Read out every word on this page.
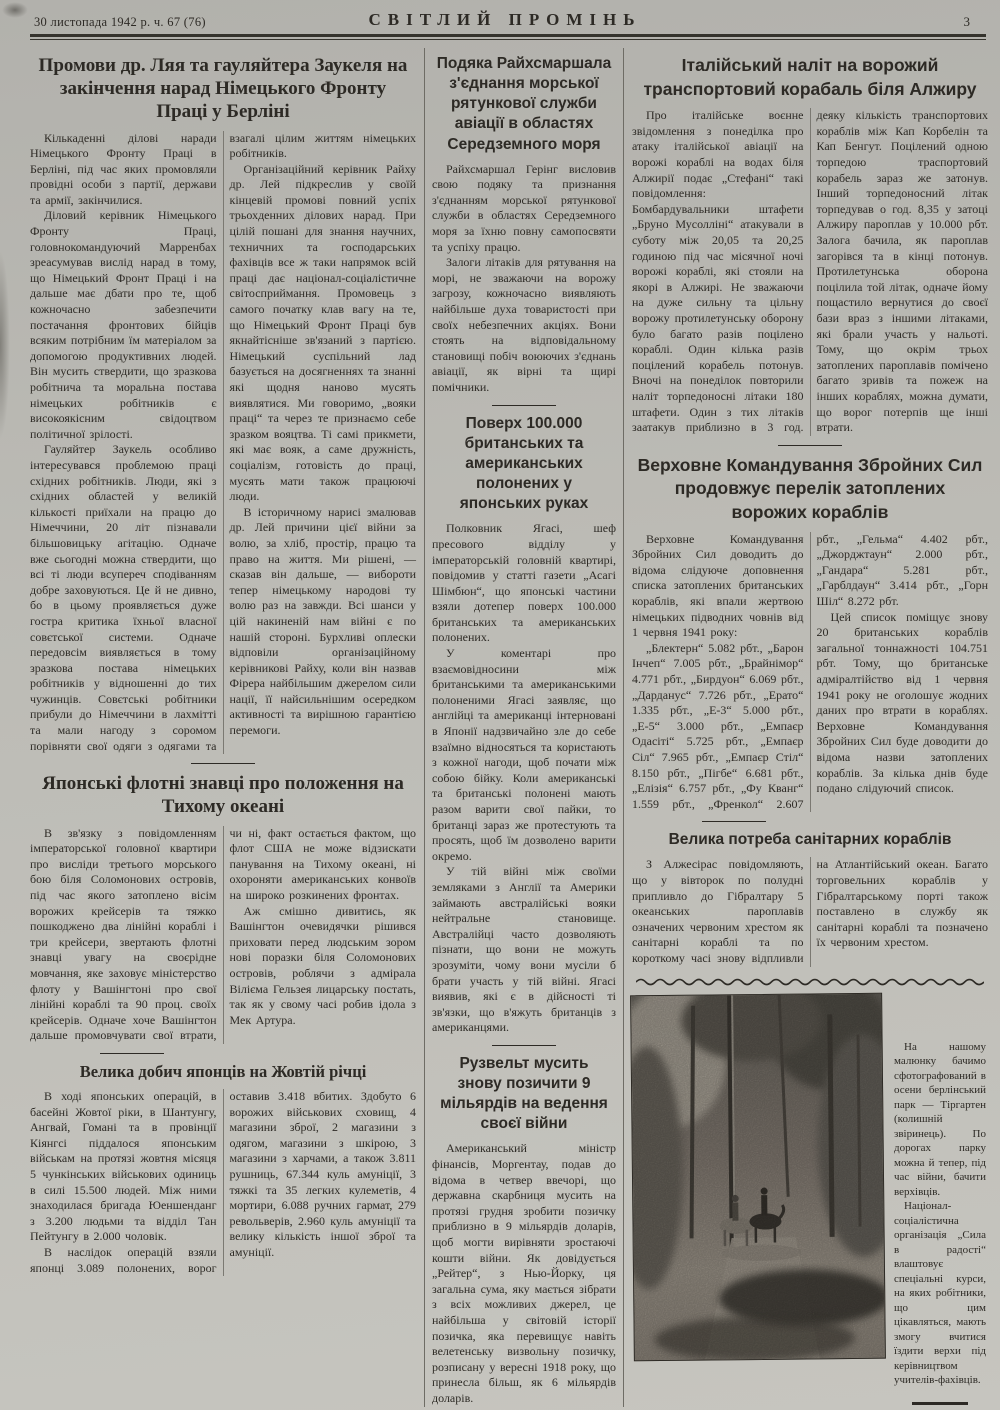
30 листопада 1942 р. ч. 67 (76)	СВІТЛИЙ ПРОМІНЬ	3
Промови др. Ляя та гауляйтера Заукеля на закінчення нарад Німецького Фронту Праці у Берліні

Кількаденні ділові наради Німецького Фронту Праці в Берліні, під час яких промовляли провідні особи з партії, держави та армії, закінчилися.

Діловий керівник Німецького Фронту Праці, головнокомандуючий Марренбах зреасумував вислід нарад в тому, що Німецький Фронт Праці і на дальше має дбати про те, щоб кожночасно забезпечити постачання фронтових бійців всяким потрібним їм матеріалом за допомогою продуктивних людей. Він мусить ствердити, що зразкова робітнича та моральна постава німецьких робітників є високоякісним свідоцтвом політичної зрілості.

Гауляйтер Заукель особливо інтересувався проблемою праці східних робітників. Люди, які з східних областей у великій кількості приїхали на працю до Німеччини, 20 літ пізнавали більшовицьку агітацію. Одначе вже сьогодні можна ствердити, що всі ті люди всупереч сподіванням добре заховуються. Це й не дивно, бо в цьому проявляється дуже гостра критика їхньої власної совєтської системи. Одначе передовсім виявляється в тому зразкова постава німецьких робітників у відношенні до тих чужинців. Совєтські робітники прибули до Німеччини в лахмітті та мали нагоду з соромом порівняти свої одяги з одягами та взагалі цілим життям німецьких робітників.

Організаційний керівник Райху др. Лей підкреслив у своїй кінцевій промові повний успіх трьохденних ділових нарад. При цілій пошані для знання научних, техничних та господарських фахівців все ж таки напрямок всій праці дає націонал-соціалістичне світосприймання. Промовець з самого початку клав вагу на те, що Німецький Фронт Праці був якнайтісніше зв'язаний з партією. Німецький суспільний лад базується на досягненнях та знанні які щодня наново мусять виявлятися. Ми говоримо, „вояки праці“ та через те признаємо себе зразком вояцтва. Ті самі прикмети, які має вояк, а саме дружність, соціалізм, готовість до праці, мусять мати також працюючі люди.

В історичному нарисі змалював др. Лей причини цієї війни за волю, за хліб, простір, працю та право на життя. Ми рішені, — сказав він дальше, — вибороти тепер німецькому народові ту волю раз на завжди. Всі шанси у цій накиненій нам війні є по нашій стороні. Бурхливі оплески відповіли організаційному керівникові Райху, коли він назвав Фірера найбільшим джерелом сили нації, її найсильнішим осередком активності та вирішною гарантією перемоги.

Японські флотні знавці про положення на Тихому океані

В зв'язку з повідомленням імператорської головної квартири про висліди третього морського бою біля Соломонових островів, під час якого затоплено вісім ворожих крейсерів та тяжко пошкоджено два лінійні кораблі і три крейсери, звертають флотні знавці увагу на своєрідне мовчання, яке заховує міністерство флоту у Вашінгтоні про свої лінійні кораблі та 90 проц. своїх крейсерів. Одначе хоче Вашінгтон дальше промовчувати свої втрати, чи ні, факт остається фактом, що флот США не може відзискати панування на Тихому океані, ні охороняти американських конвоїв на широко розкинених фронтах.

Аж смішно дивитись, як Вашінгтон очевидячки рішився приховати перед людським зором нові поразки біля Соломонових островів, роблячи з адмірала Вілієма Гельзея лицарську постать, так як у свому часі робив ідола з Мек Артура.

Велика добич японців на Жовтій річці

В ході японських операцій, в басейні Жовтої ріки, в Шантунгу, Ангвай, Гомані та в провінції Кіянгсі піддалося японським військам на протязі жовтня місяця 5 чункінських військових одиниць в силі 15.500 людей. Між ними знаходилася бригада Юеншенданг з 3.200 людьми та відділ Тан Пейтунгу в 2.000 чоловік.

В наслідок операцій взяли японці 3.089 полонених, ворог оставив 3.418 вбитих. Здобуто 6 ворожих військових сховищ, 4 магазини зброї, 2 магазини з одягом, магазини з шкірою, 3 магазини з харчами, а також 3.811 рушниць, 67.344 куль амуніції, 3 тяжкі та 35 легких кулеметів, 4 мортири, 6.088 ручних гармат, 279 револьверів, 2.960 куль амуніції та велику кількість іншої зброї та амуніції.

Подяка Райхсмаршала з'єднання морської рятункової служби авіації в областях Середземного моря

Райхсмаршал Герінг висловив свою подяку та признання з'єднанням морської рятункової служби в областях Середземного моря за їхню повну самопосвяти та успіху працю.

Залоги літаків для рятування на морі, не зважаючи на ворожу загрозу, кожночасно виявляють найбільше духа товаристості при своїх небезпечних акціях. Вони стоять на відповідальному становищі побіч воюючих з'єднань авіації, як вірні та щирі помічники.

Поверх 100.000 британських та американських полонених у японських руках

Полковник Ягасі, шеф пресового відділу у імператорській головній квартирі, повідомив у статті газети „Асагі Шімбюн“, що японські частини взяли дотепер поверх 100.000 британських та американських полонених.

У коментарі про взаємовідносини між британськими та американськими полоненими Ягасі заявляє, що англійці та американці інтерновані в Японії надзвичайно зле до себе взаїмно відносяться та користають з кожної нагоди, щоб почати між собою бійку. Коли американські та британські полонені мають разом варити свої пайки, то британці зараз же протестують та просять, щоб їм дозволено варити окремо.

У тій війні між своїми земляками з Англії та Америки займають австралійські вояки нейтральне становище. Австралійці часто дозволяють пізнати, що вони не можуть зрозуміти, чому вони мусіли б брати участь у тій війні. Ягасі виявив, які є в дійсності ті зв'язки, що в'яжуть британців з американцями.

Рузвельт мусить знову позичити 9 мільярдів на ведення своєї війни

Американський міністр фінансів, Моргентау, подав до відома в четвер ввечорі, що державна скарбниця мусить на протязі грудня зробити позичку приблизно в 9 мільярдів доларів, щоб могти вирівняти зростаючі кошти війни. Як довідується „Рейтер“, з Нью-Йорку, ця загальна сума, яку мається зібрати з всіх можливих джерел, це найбільша у світовій історії позичка, яка перевищує навіть велетенську визвольну позичку, розписану у вересні 1918 року, що принесла більш, як 6 мільярдів доларів.

Італійський наліт на ворожий транспортовий корабаль біля Алжиру

Про італійське воєнне звідомлення з понеділка про атаку італійської авіації на ворожі кораблі на водах біля Алжирії подає „Стефані“ такі повідомлення: Бомбардувальники штафети „Бруно Мусолліні“ атакували в суботу між 20,05 та 20,25 годиною під час місячної ночі ворожі кораблі, які стояли на якорі в Алжирі. Не зважаючи на дуже сильну та цільну ворожу протилетунську оборону було багато разів поцілено кораблі. Один кілька разів поцілений корабель потонув. Вночі на понеділок повторили наліт торпедоносні літаки 180 штафети. Один з тих літаків заатакув приблизно в 3 год. деяку кількість транспортових кораблів між Кап Корбелін та Кап Бенгут. Поцілений одною торпедою траспортовий корабель зараз же затонув. Інший торпедоносний літак торпедував о год. 8,35 у затоці Алжиру пароплав у 10.000 рбт. Залога бачила, як пароплав загорівся та в кінці потонув. Протилетунська оборона поцілила той літак, одначе йому пощастило вернутися до своєї бази враз з іншими літаками, які брали участь у нальоті. Тому, що окрім трьох затоплених пароплавів помічено багато зривів та пожеж на інших кораблях, можна думати, що ворог потерпів ще інші втрати.

Верховне Командування Збройних Сил продовжує перелік затоплених ворожих кораблів

Верховне Командування Збройних Сил доводить до відома слідуюче доповнення списка затоплених британських кораблів, які впали жертвою німецьких підводних човнів від 1 червня 1941 року:

„Блектерн“ 5.082 рбт., „Барон Інчеп“ 7.005 рбт., „Брайнімор“ 4.771 рбт., „Бирдуон“ 6.069 рбт., „Дарданус“ 7.726 рбт., „Ерато“ 1.335 рбт., „Е-3“ 5.000 рбт., „Е-5“ 3.000 рбт., „Емпаєр Одасіті“ 5.725 рбт., „Емпаєр Сіл“ 7.965 рбт., „Емпаєр Стіл“ 8.150 рбт., „Пігбе“ 6.681 рбт., „Елізія“ 6.757 рбт., „Фу Кванг“ 1.559 рбт., „Френкол“ 2.607 рбт., „Гельма“ 4.402 рбт., „Джорджтаун“ 2.000 рбт., „Гандара“ 5.281 рбт., „Гарблдаун“ 3.414 рбт., „Горн Шіл“ 8.272 рбт.

Цей список поміщує знову 20 британських кораблів загальної тоннажності 104.751 рбт. Тому, що британське адміралтійство від 1 червня 1941 року не оголошує жодних даних про втрати в кораблях. Верховне Командування Збройних Сил буде доводити до відома назви затоплених кораблів. За кілька днів буде подано слідуючий список.

Велика потреба санітарних кораблів

З Алжесірас повідомляють, що у вівторок по полудні припливло до Гібралтару 5 океанських пароплавів означених червоним хрестом як санітарні кораблі та по короткому часі знову відпливли на Атлантійський океан. Багато торговельних кораблів у Гібралтарському порті також поставлено в службу як санітарні кораблі та позначено їх червоним хрестом.

На нашому малюнку бачимо сфотографований в осени берлінський парк — Тіргартен (колишній звіринець). По дорогах парку можна й тепер, під час війни, бачити верхівців.

Націонал-соціалістична організація „Сила в радості“ влаштовує спеціальні курси, на яких робітники, що цим цікавляться, мають змогу вчитися їздити верхи під керівництвом учителів-фахівців.
